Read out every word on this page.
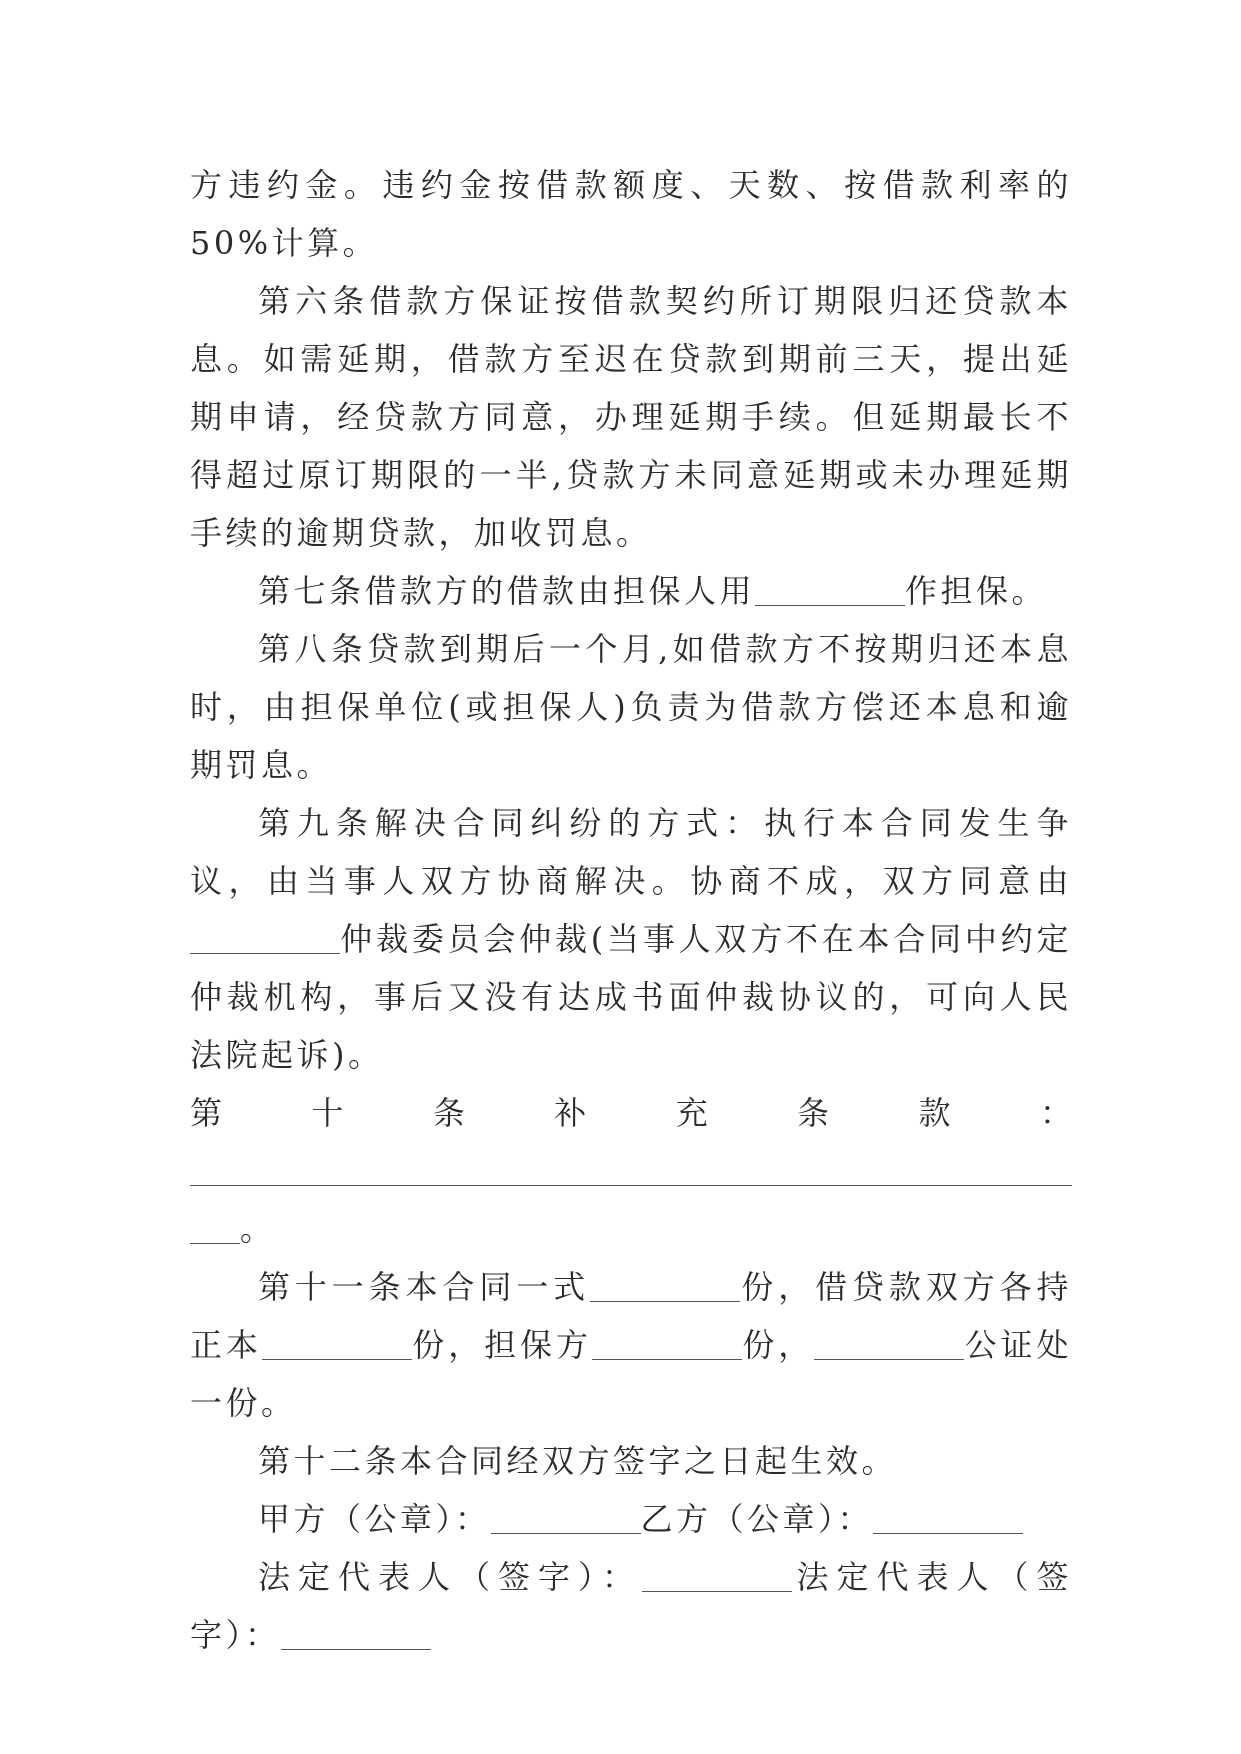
方违约金。违约金按借款额度、天数、按借款利率的 50%计算。

第六条借款方保证按借款契约所订期限归还贷款本息。如需延期，借款方至迟在贷款到期前三天，提出延期申请，经贷款方同意，办理延期手续。但延期最长不得超过原订期限的一半,贷款方未同意延期或未办理延期手续的逾期贷款，加收罚息。

第七条借款方的借款由担保人用	作担保。

第八条贷款到期后一个月,如借款方不按期归还本息时，由担保单位(或担保人)负责为借款方偿还本息和逾期罚息。

第九条解决合同纠纷的方式：执行本合同发生争议，由当事人双方协商解决。协商不成，双方同意由仲裁委员会仲裁(当事人双方不在本合同中约定仲裁机构，事后又没有达成书面仲裁协议的，可向人民法院起诉)。

第十条补充条款：

。

第十一条本合同一式	份，借贷款双方各持正本	份，担保方	份，	公证处一份。

第十二条本合同经双方签字之日起生效。

甲方（公章）：	乙方（公章）：

法定代表人（签字）：	法定代表人（签字）：
